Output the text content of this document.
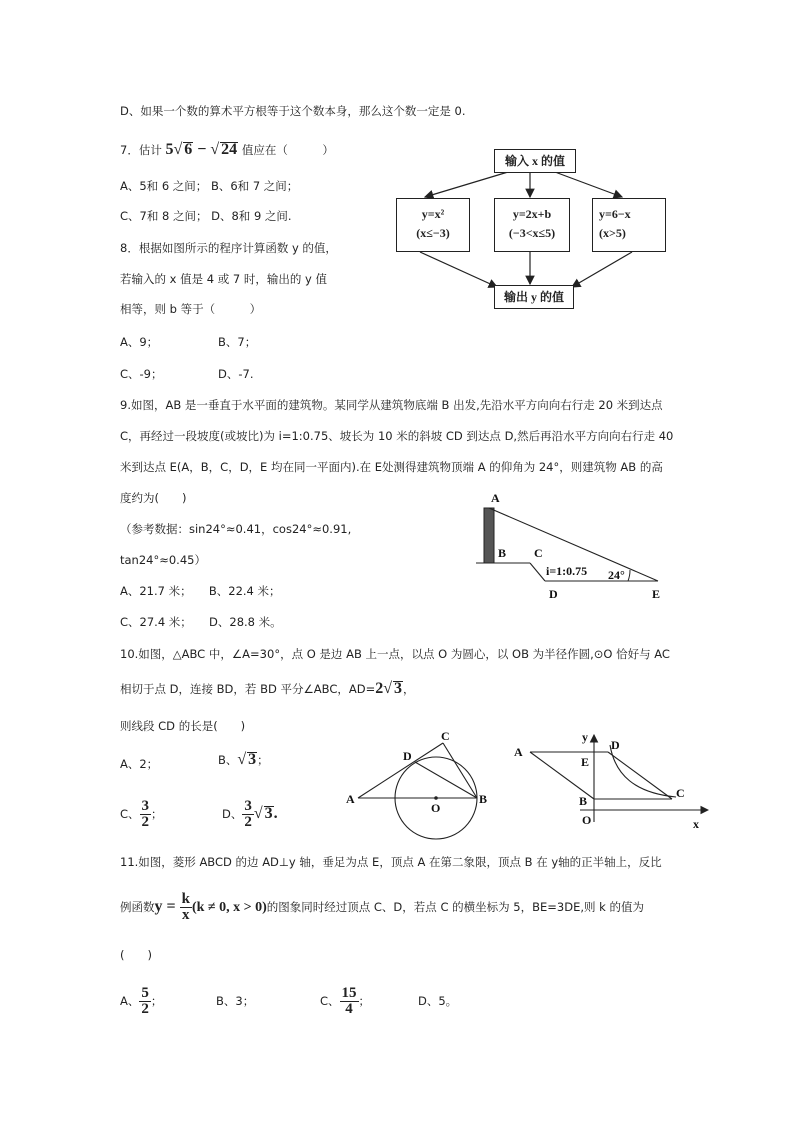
D、如果一个数的算术平方根等于这个数本身，那么这个数一定是 0.
7．估计 5√ 6 − √ 24 值应在（　　　）
A、5和 6 之间； B、6和 7 之间；
C、7和 8 之间； D、8和 9 之间.
8．根据如图所示的程序计算函数 y 的值，
若输入的 x 值是 4 或 7 时，输出的 y 值
相等，则 b 等于（　　　）
A、9；	B、7；
C、-9；	D、-7.
输入 x 的值
y=x²
(x≤−3)
y=2x+b
(−3<x≤5)
y=6−x
(x>5)
输出 y 的值
9.如图，AB 是一垂直于水平面的建筑物。某同学从建筑物底端 B 出发,先沿水平方向向右行走 20 米到达点
C，再经过一段坡度(或坡比)为 i=1:0.75、坡长为 10 米的斜坡 CD 到达点 D,然后再沿水平方向向右行走 40
米到达点 E(A，B，C，D，E 均在同一平面内).在 E处测得建筑物顶端 A 的仰角为 24°，则建筑物 AB 的高
度约为(　　)
（参考数据：sin24°≈0.41，cos24°≈0.91,
tan24°≈0.45）
A、21.7 米；　　B、22.4 米；
C、27.4 米；　　D、28.8 米。
A
B C
D	E
i=1:0.75 24°
10.如图，△ABC 中，∠A=30°，点 O 是边 AB 上一点，以点 O 为圆心，以 OB 为半径作圆,⊙O 恰好与 AC
相切于点 D，连接 BD，若 BD 平分∠ABC，AD=2√ 3，
则线段 CD 的长是(　　)
A、2；	B、√ 3；
C、 $\frac{3}{2}$ ；	D、 $\frac{3}{2}$ √ 3.
A	B
C
D
O
A
B
C
D
E
O	x
y
11.如图，菱形 ABCD 的边 AD⊥y 轴，垂足为点 E，顶点 A 在第二象限，顶点 B 在 y轴的正半轴上，反比
例函数$y = \frac{k}{x} (k \ne 0$, x > 0)的图象同时经过顶点 C、D，若点 C 的横坐标为 5，BE=3DE,则 k 的值为
(　　)
A、 $\frac{5}{2}$ ；	B、3；	C、 $\frac{15}{4}$ ；	D、5。
